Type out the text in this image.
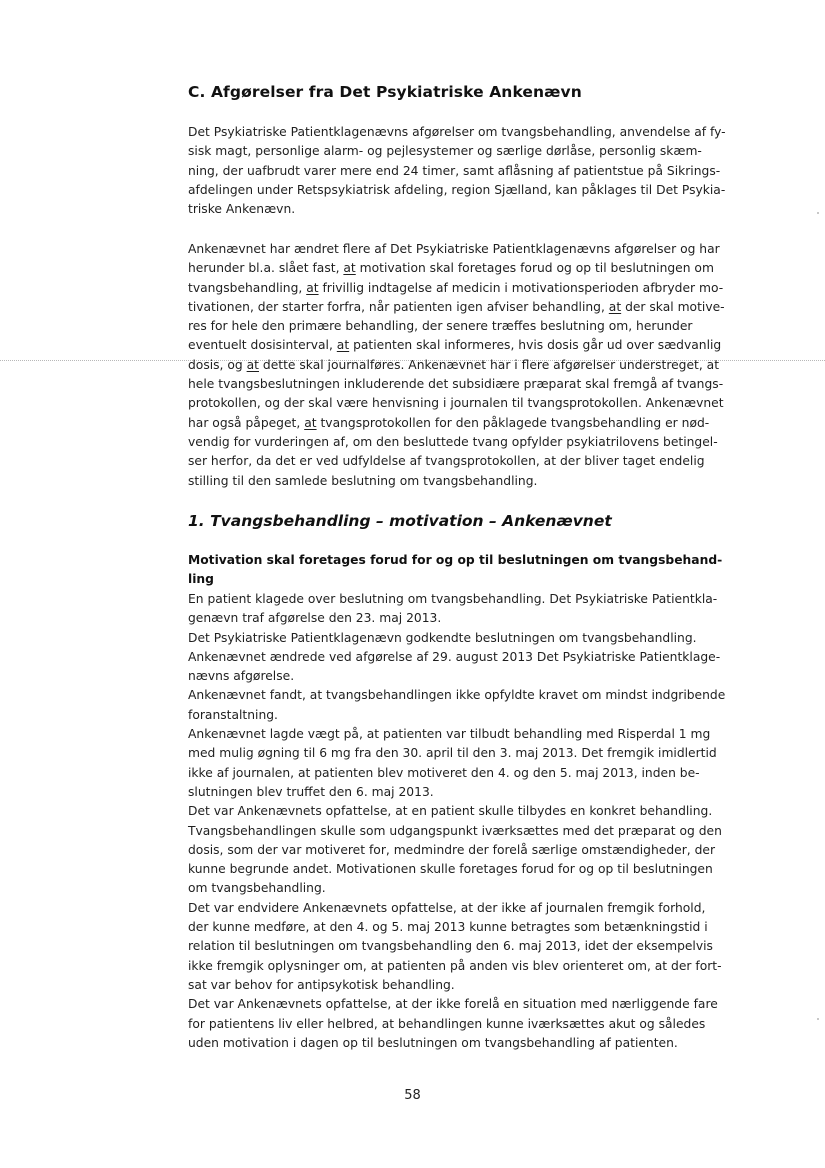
C. Afgørelser fra Det Psykiatriske Ankenævn
Det Psykiatriske Patientklagenævns afgørelser om tvangsbehandling, anvendelse af fy-
sisk magt, personlige alarm- og pejlesystemer og særlige dørlåse, personlig skæm-
ning, der uafbrudt varer mere end 24 timer, samt aflåsning af patientstue på Sikrings-
afdelingen under Retspsykiatrisk afdeling, region Sjælland, kan påklages til Det Psykia-
triske Ankenævn.
Ankenævnet har ændret flere af Det Psykiatriske Patientklagenævns afgørelser og har
herunder bl.a. slået fast, at motivation skal foretages forud og op til beslutningen om
tvangsbehandling, at frivillig indtagelse af medicin i motivationsperioden afbryder mo-
tivationen, der starter forfra, når patienten igen afviser behandling, at der skal motive-
res for hele den primære behandling, der senere træffes beslutning om, herunder
eventuelt dosisinterval, at patienten skal informeres, hvis dosis går ud over sædvanlig
dosis, og at dette skal journalføres. Ankenævnet har i flere afgørelser understreget, at
hele tvangsbeslutningen inkluderende det subsidiære præparat skal fremgå af tvangs-
protokollen, og der skal være henvisning i journalen til tvangsprotokollen. Ankenævnet
har også påpeget, at tvangsprotokollen for den påklagede tvangsbehandling er nød-
vendig for vurderingen af, om den besluttede tvang opfylder psykiatrilovens betingel-
ser herfor, da det er ved udfyldelse af tvangsprotokollen, at der bliver taget endelig
stilling til den samlede beslutning om tvangsbehandling.
1. Tvangsbehandling – motivation – Ankenævnet
Motivation skal foretages forud for og op til beslutningen om tvangsbehand-
ling
En patient klagede over beslutning om tvangsbehandling. Det Psykiatriske Patientkla-
genævn traf afgørelse den 23. maj 2013.
Det Psykiatriske Patientklagenævn godkendte beslutningen om tvangsbehandling.
Ankenævnet ændrede ved afgørelse af 29. august 2013 Det Psykiatriske Patientklage-
nævns afgørelse.
Ankenævnet fandt, at tvangsbehandlingen ikke opfyldte kravet om mindst indgribende
foranstaltning.
Ankenævnet lagde vægt på, at patienten var tilbudt behandling med Risperdal 1 mg
med mulig øgning til 6 mg fra den 30. april til den 3. maj 2013. Det fremgik imidlertid
ikke af journalen, at patienten blev motiveret den 4. og den 5. maj 2013, inden be-
slutningen blev truffet den 6. maj 2013.
Det var Ankenævnets opfattelse, at en patient skulle tilbydes en konkret behandling.
Tvangsbehandlingen skulle som udgangspunkt iværksættes med det præparat og den
dosis, som der var motiveret for, medmindre der forelå særlige omstændigheder, der
kunne begrunde andet. Motivationen skulle foretages forud for og op til beslutningen
om tvangsbehandling.
Det var endvidere Ankenævnets opfattelse, at der ikke af journalen fremgik forhold,
der kunne medføre, at den 4. og 5. maj 2013 kunne betragtes som betænkningstid i
relation til beslutningen om tvangsbehandling den 6. maj 2013, idet der eksempelvis
ikke fremgik oplysninger om, at patienten på anden vis blev orienteret om, at der fort-
sat var behov for antipsykotisk behandling.
Det var Ankenævnets opfattelse, at der ikke forelå en situation med nærliggende fare
for patientens liv eller helbred, at behandlingen kunne iværksættes akut og således
uden motivation i dagen op til beslutningen om tvangsbehandling af patienten.
58
